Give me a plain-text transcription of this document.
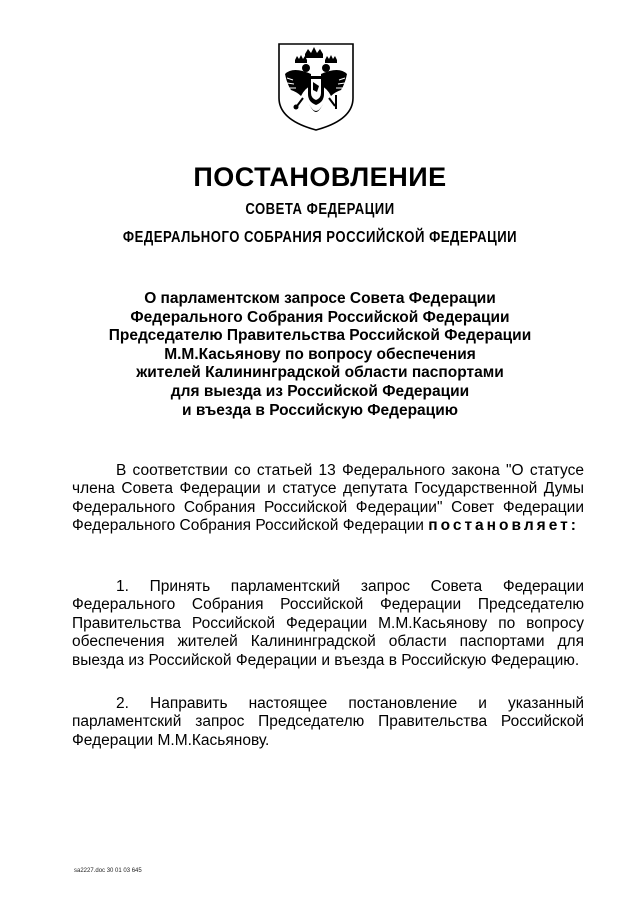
ПОСТАНОВЛЕНИЕ
СОВЕТА ФЕДЕРАЦИИ
ФЕДЕРАЛЬНОГО СОБРАНИЯ РОССИЙСКОЙ ФЕДЕРАЦИИ
О парламентском запросе Совета Федерации
Федерального Собрания Российской Федерации
Председателю Правительства Российской Федерации
М.М.Касьянову по вопросу обеспечения
жителей Калининградской области паспортами
для выезда из Российской Федерации
и въезда в Российскую Федерацию

В соответствии со статьей 13 Федерального закона "О статусе члена Совета Федерации и статусе депутата Государственной Думы Федерального Собрания Российской Федерации" Совет Федерации Федерального Собрания Российской Федерации постановляет:

1. Принять парламентский запрос Совета Федерации Федерального Собрания Российской Федерации Председателю Правительства Российской Федерации М.М.Касьянову по вопросу обеспечения жителей Калининградской области паспортами для выезда из Российской Федерации и въезда в Российскую Федерацию.

2. Направить настоящее постановление и указанный парламентский запрос Председателю Правительства Российской Федерации М.М.Касьянову.

sa2227.doc 30 01 03 645
